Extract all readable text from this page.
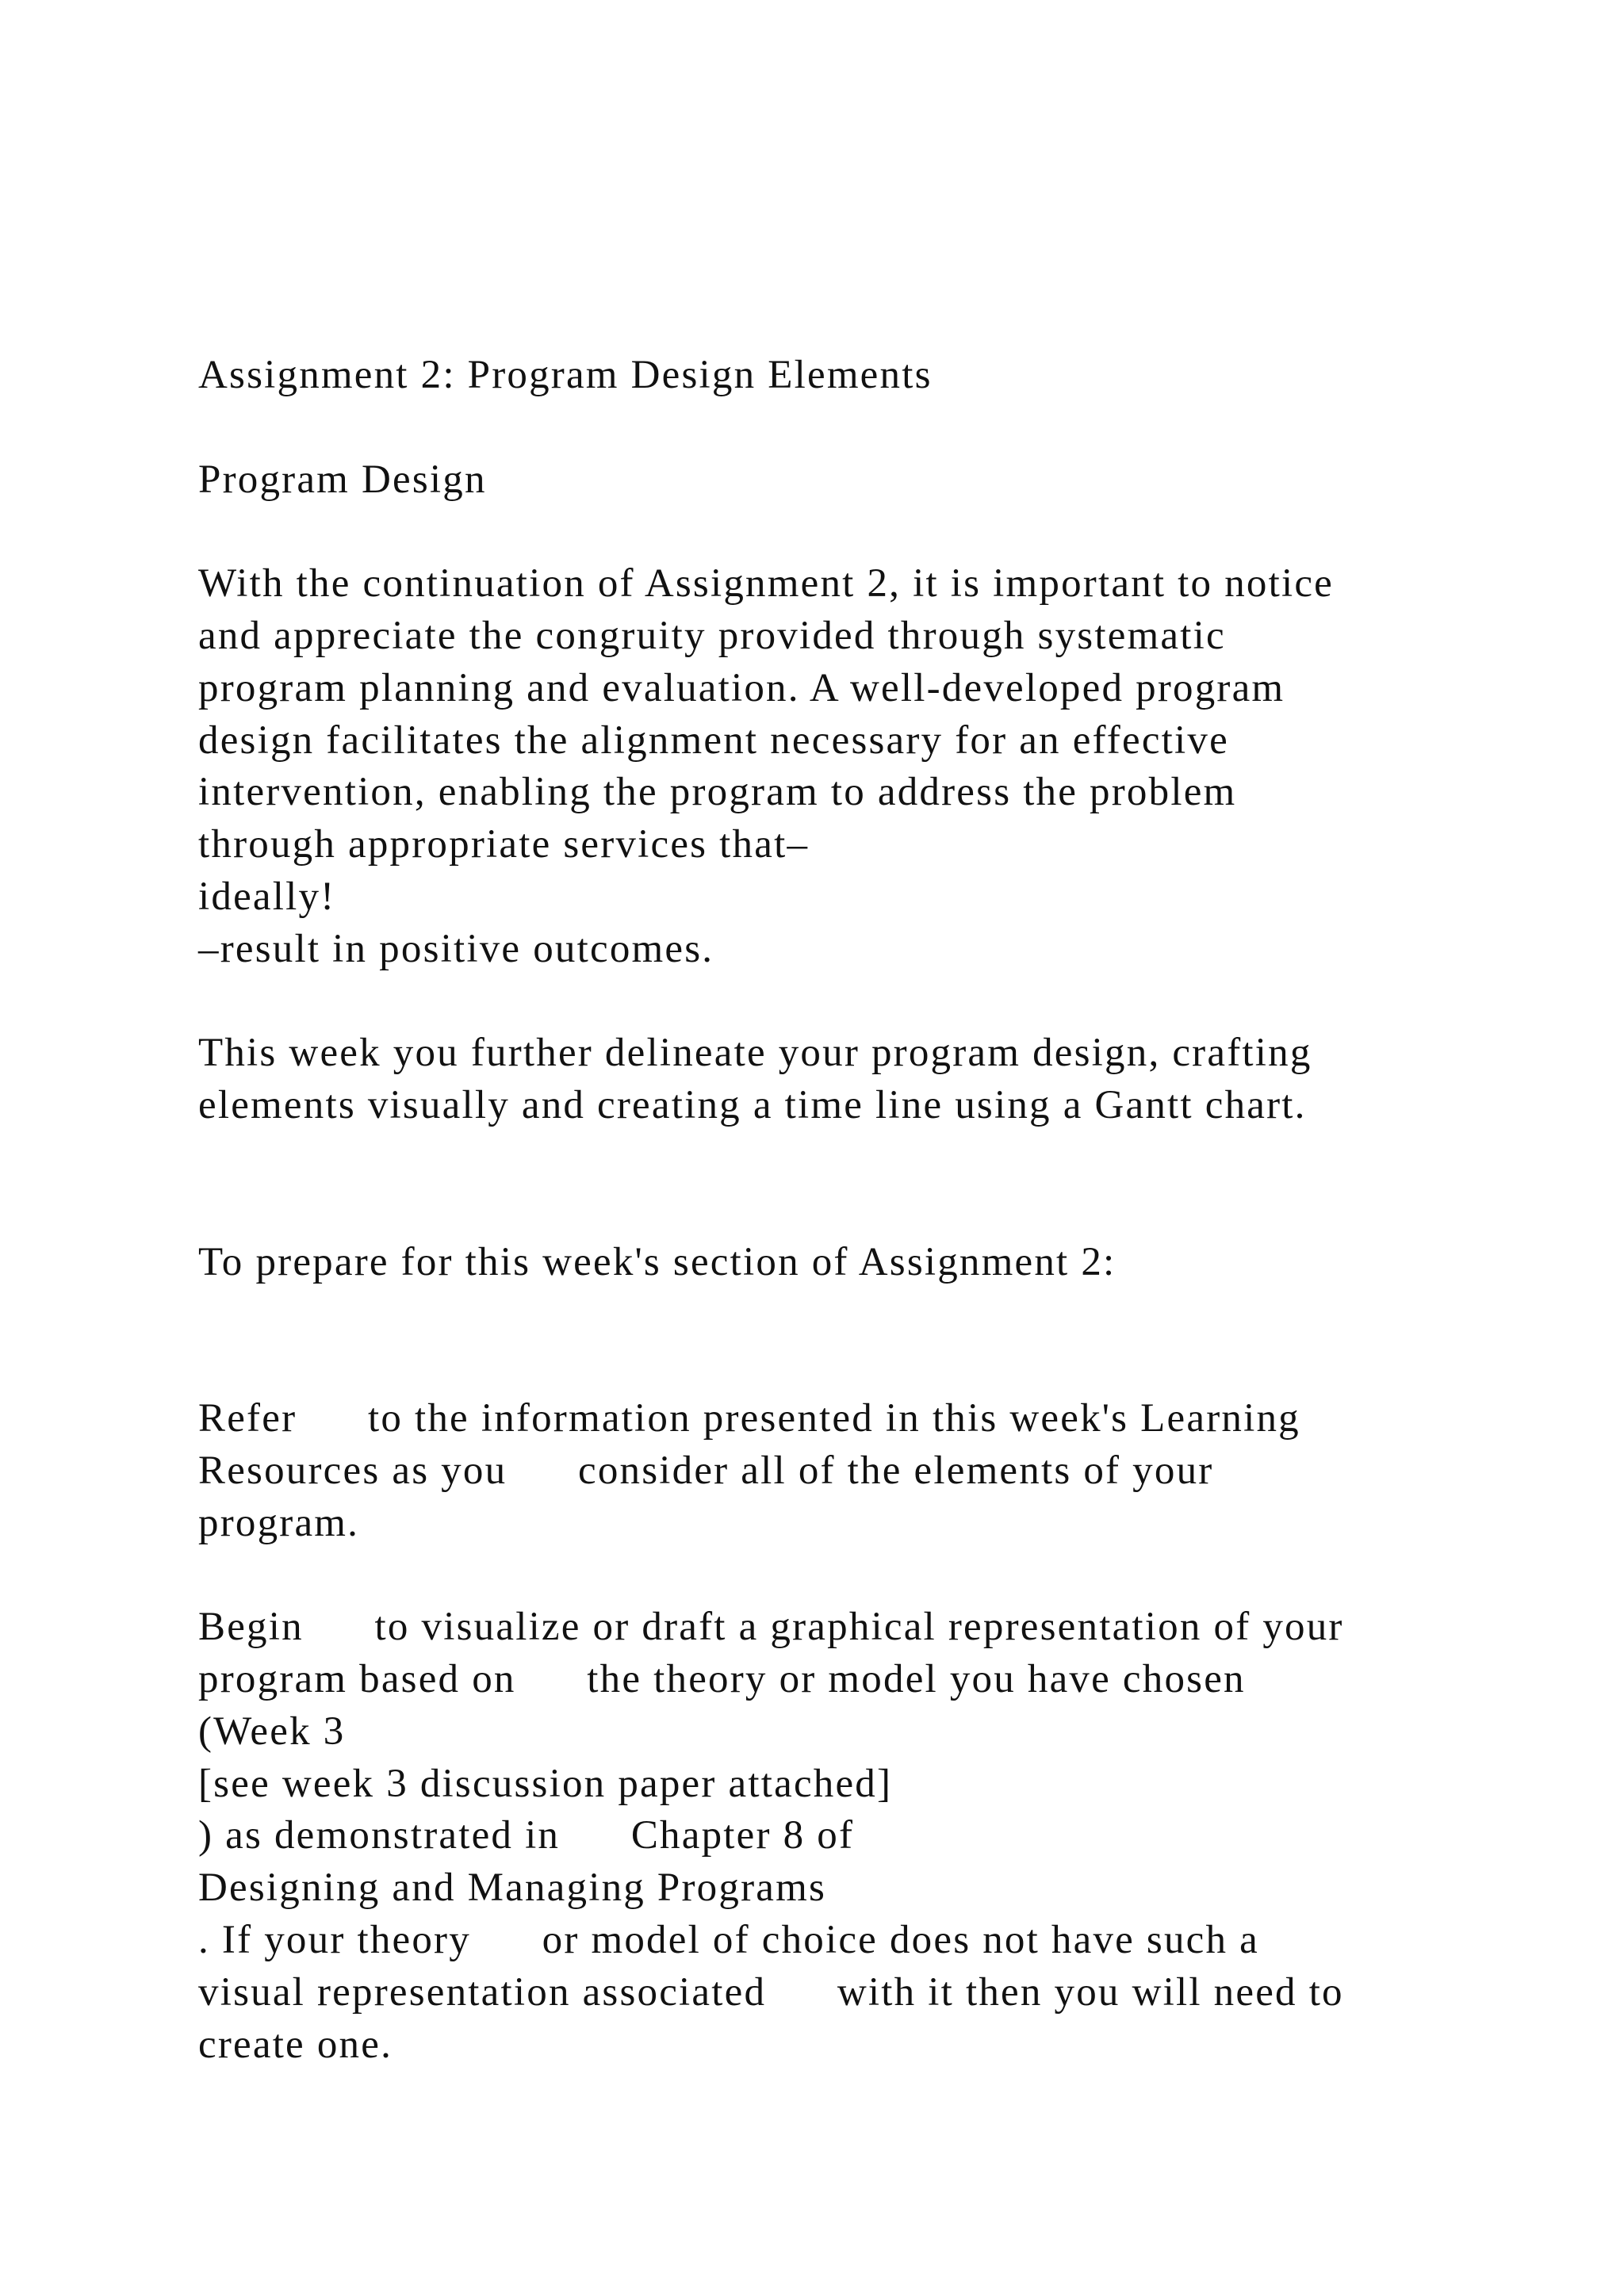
Assignment 2: Program Design Elements
Program Design
With the continuation of Assignment 2, it is important to notice
and appreciate the congruity provided through systematic
program planning and evaluation. A well-developed program
design facilitates the alignment necessary for an effective
intervention, enabling the program to address the problem
through appropriate services that–
ideally!
–result in positive outcomes.
This week you further delineate your program design, crafting
elements visually and creating a time line using a Gantt chart.
To prepare for this week's section of Assignment 2:
Refer      to the information presented in this week's Learning
Resources as you      consider all of the elements of your
program.
Begin      to visualize or draft a graphical representation of your
program based on      the theory or model you have chosen
(Week 3
[see week 3 discussion paper attached]
) as demonstrated in      Chapter 8 of
Designing and Managing Programs
. If your theory      or model of choice does not have such a
visual representation associated      with it then you will need to
create one.
